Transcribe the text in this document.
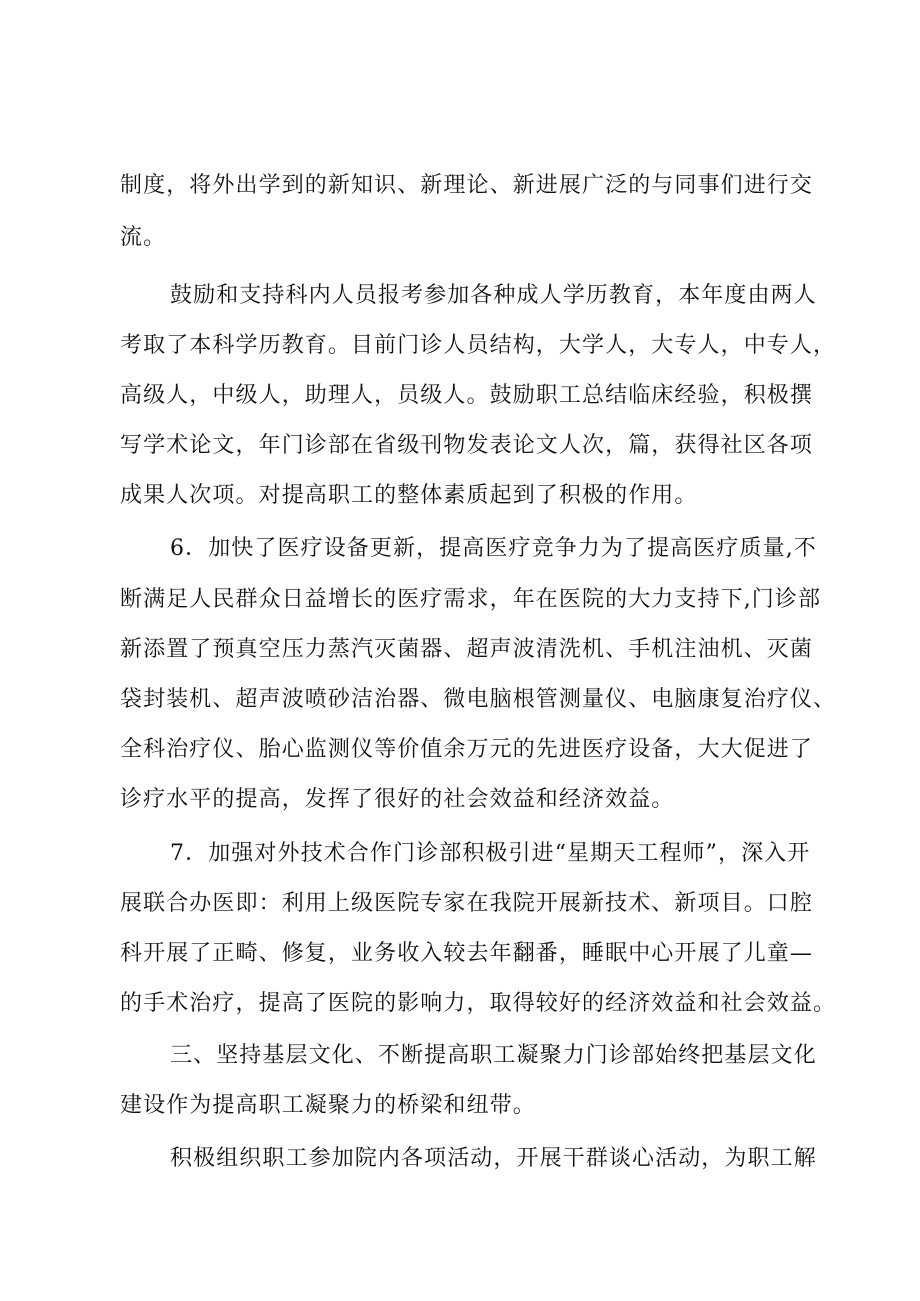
制度，将外出学到的新知识、新理论、新进展广泛的与同事们进行交
流。
鼓励和支持科内人员报考参加各种成人学历教育，本年度由两人
考取了本科学历教育。目前门诊人员结构，大学人，大专人，中专人，
高级人，中级人，助理人，员级人。鼓励职工总结临床经验，积极撰
写学术论文，年门诊部在省级刊物发表论文人次，篇，获得社区各项
成果人次项。对提高职工的整体素质起到了积极的作用。
6．加快了医疗设备更新，提高医疗竞争力为了提高医疗质量,不
断满足人民群众日益增长的医疗需求，年在医院的大力支持下,门诊部
新添置了预真空压力蒸汽灭菌器、超声波清洗机、手机注油机、灭菌
袋封装机、超声波喷砂洁治器、微电脑根管测量仪、电脑康复治疗仪、
全科治疗仪、胎心监测仪等价值余万元的先进医疗设备，大大促进了
诊疗水平的提高，发挥了很好的社会效益和经济效益。
7．加强对外技术合作门诊部积极引进“星期天工程师”，深入开
展联合办医即：利用上级医院专家在我院开展新技术、新项目。口腔
科开展了正畸、修复，业务收入较去年翻番，睡眠中心开展了儿童—
的手术治疗，提高了医院的影响力，取得较好的经济效益和社会效益。
三、坚持基层文化、不断提高职工凝聚力门诊部始终把基层文化
建设作为提高职工凝聚力的桥梁和纽带。
积极组织职工参加院内各项活动，开展干群谈心活动，为职工解
